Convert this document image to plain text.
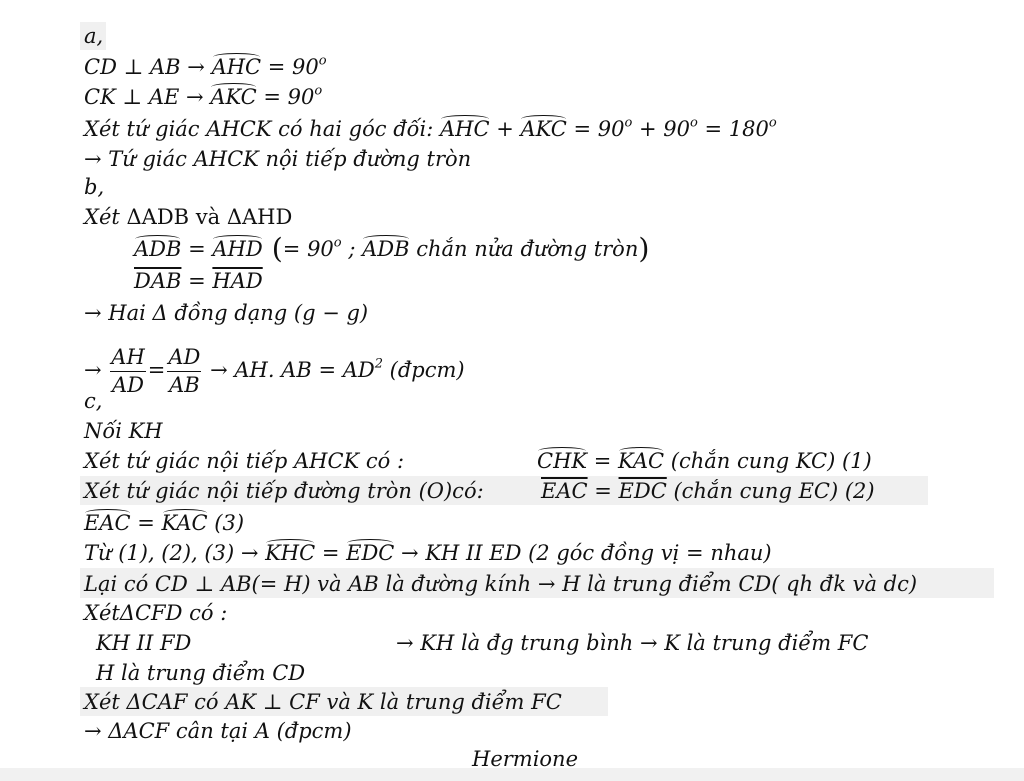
a,
CD ⊥ AB → AHC = $90^o$
CK ⊥ AE → AKC = $90^o$
Xét tứ giác AHCK có hai góc đối: AHC + AKC = $90^o + 90^o = 180^o$
→ Tứ giác AHCK nội tiếp đường tròn
b,
Xét ΔADB và ΔAHD
ADB = AHD (= $90^o$ ; ADB chắn nửa đường tròn)
$\overline{DAB} = \overline{HAD}$
→ Hai Δ đồng dạng (g − g)
→ $\frac{AH}{AD} = \frac{AD}{AB}$ → AH. AB = $AD^2$ (đpcm)
c,
Nối KH
Xét tứ giác nội tiếp AHCK có :	CHK = KAC (chắn cung KC) (1)
Xét tứ giác nội tiếp đường tròn (O)có:	$\overline{EAC} = \overline{EDC}$ (chắn cung EC) (2)
EAC = KAC (3)
Từ (1), (2), (3) → KHC = EDC → KH II ED (2 góc đồng vị = nhau)
Lại có CD ⊥ AB(= H) và AB là đường kính → H là trung điểm CD( qh đk và dc)
XétΔCFD có :
KH II FD	→ KH là đg trung bình → K là trung điểm FC
H là trung điểm CD
Xét ΔCAF có AK ⊥ CF và K là trung điểm FC
→ ΔACF cân tại A (đpcm)
Hermione
